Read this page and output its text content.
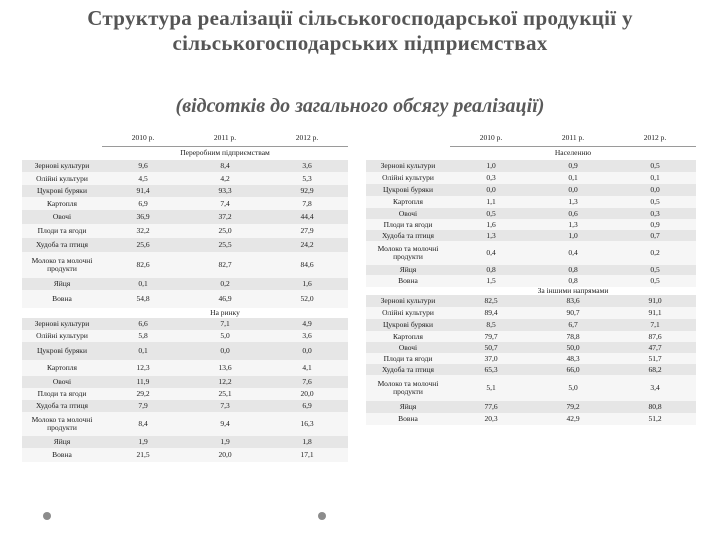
Структура реалізації сільськогосподарської продукції у сільськогосподарських підприємствах
(відсотків до загального обсягу реалізації)
	2010 р.	2011 р.	2012 р.
	Переробним підприємствам		
Зернові культури	9,6	8,4	3,6
Олійні культури	4,5	4,2	5,3
Цукрові буряки	91,4	93,3	92,9
Картопля	6,9	7,4	7,8
Овочі	36,9	37,2	44,4
Плоди та ягоди	32,2	25,0	27,9
Худоба та птиця	25,6	25,5	24,2
Молоко та молочні продукти	82,6	82,7	84,6
Яйця	0,1	0,2	1,6
Вовна	54,8	46,9	52,0
	На ринку		
Зернові культури	6,6	7,1	4,9
Олійні культури	5,8	5,0	3,6
Цукрові буряки	0,1	0,0	0,0
Картопля	12,3	13,6	4,1
Овочі	11,9	12,2	7,6
Плоди та ягоди	29,2	25,1	20,0
Худоба та птиця	7,9	7,3	6,9
Молоко та молочні продукти	8,4	9,4	16,3
Яйця	1,9	1,9	1,8
Вовна	21,5	20,0	17,1
	2010 р.	2011 р.	2012 р.
	Населенню		
Зернові культури	1,0	0,9	0,5
Олійні культури	0,3	0,1	0,1
Цукрові буряки	0,0	0,0	0,0
Картопля	1,1	1,3	0,5
Овочі	0,5	0,6	0,3
Плоди та ягоди	1,6	1,3	0,9
Худоба та птиця	1,3	1,0	0,7
Молоко та молочні продукти	0,4	0,4	0,2
Яйця	0,8	0,8	0,5
Вовна	1,5	0,8	0,5
	За іншими напрямами		
Зернові культури	82,5	83,6	91,0
Олійні культури	89,4	90,7	91,1
Цукрові буряки	8,5	6,7	7,1
Картопля	79,7	78,8	87,6
Овочі	50,7	50,0	47,7
Плоди та ягоди	37,0	48,3	51,7
Худоба та птиця	65,3	66,0	68,2
Молоко та молочні продукти	5,1	5,0	3,4
Яйця	77,6	79,2	80,8
Вовна	20,3	42,9	51,2
